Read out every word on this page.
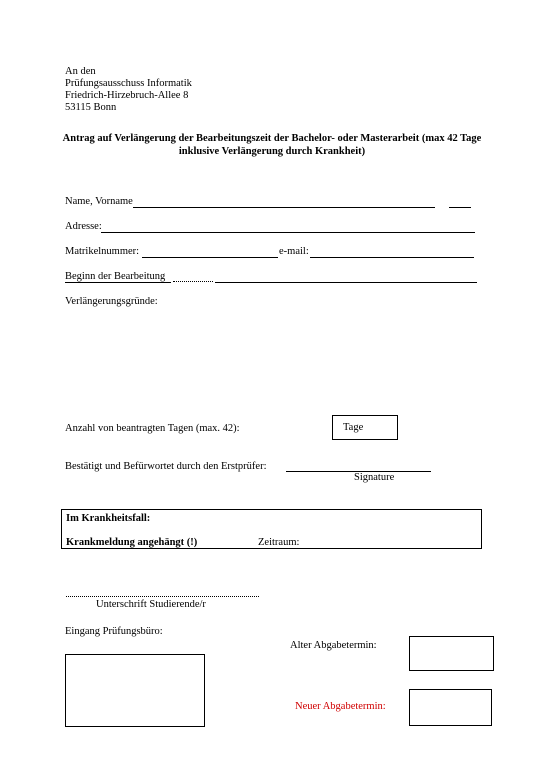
An den
Prüfungsausschuss Informatik
Friedrich-Hirzebruch-Allee 8
53115 Bonn
Antrag auf Verlängerung der Bearbeitungszeit der Bachelor- oder Masterarbeit (max 42 Tage inklusive Verlängerung durch Krankheit)
Name, Vorname
Adresse:
Matrikelnummer:	e-mail:
Beginn der Bearbeitung
Verlängerungsgründe:
Anzahl von beantragten Tagen (max. 42):	Tage
Bestätigt und Befürwortet durch den Erstprüfer:
Signature
Im Krankheitsfall:
Krankmeldung angehängt (!)	Zeitraum:
Unterschrift Studierende/r
Eingang Prüfungsbüro:
Alter Abgabetermin:
Neuer Abgabetermin:
